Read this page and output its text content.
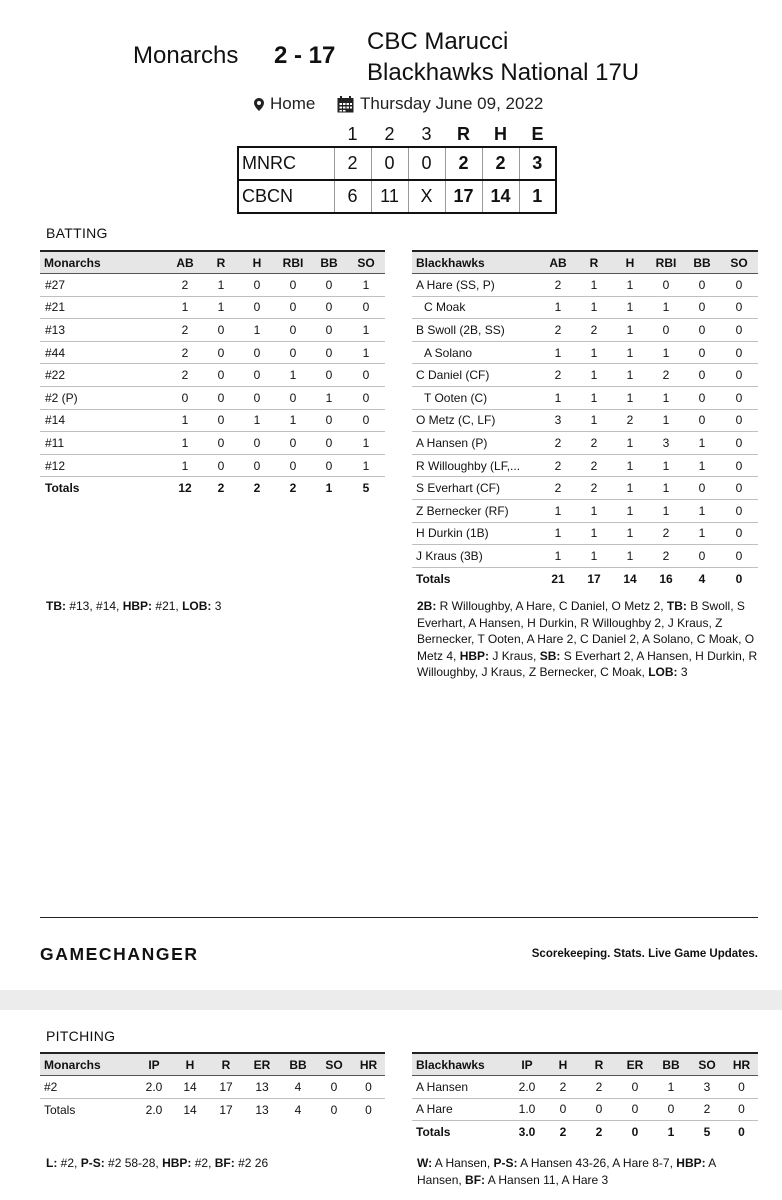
Monarchs 2 - 17
CBC Marucci
Blackhawks National 17U
Home	Thursday June 09, 2022
	1	2	3	R	H	E
MNRC	2	0	0	2	2	3
CBCN	6	11	X	17	14	1
BATTING
Monarchs	AB	R	H	RBI	BB	SO
#27	2	1	0	0	0	1
#21	1	1	0	0	0	0
#13	2	0	1	0	0	1
#44	2	0	0	0	0	1
#22	2	0	0	1	0	0
#2 (P)	0	0	0	0	1	0
#14	1	0	1	1	0	0
#11	1	0	0	0	0	1
#12	1	0	0	0	0	1
Totals	12	2	2	2	1	5
Blackhawks	AB	R	H	RBI	BB	SO
A Hare (SS, P)	2	1	1	0	0	0
C Moak	1	1	1	1	0	0
B Swoll (2B, SS)	2	2	1	0	0	0
A Solano	1	1	1	1	0	0
C Daniel (CF)	2	1	1	2	0	0
T Ooten (C)	1	1	1	1	0	0
O Metz (C, LF)	3	1	2	1	0	0
A Hansen (P)	2	2	1	3	1	0
R Willoughby (LF,...	2	2	1	1	1	0
S Everhart (CF)	2	2	1	1	0	0
Z Bernecker (RF)	1	1	1	1	1	0
H Durkin (1B)	1	1	1	2	1	0
J Kraus (3B)	1	1	1	2	0	0
Totals	21	17	14	16	4	0
TB: #13, #14, HBP: #21, LOB: 3	2B: R Willoughby, A Hare, C Daniel, O Metz 2, TB: B Swoll, S Everhart, A Hansen, H Durkin, R Willoughby 2, J Kraus, Z Bernecker, T Ooten, A Hare 2, C Daniel 2, A Solano, C Moak, O Metz 4, HBP: J Kraus, SB: S Everhart 2, A Hansen, H Durkin, R Willoughby, J Kraus, Z Bernecker, C Moak, LOB: 3
GAMECHANGER	Scorekeeping. Stats. Live Game Updates.
PITCHING
Monarchs	IP	H	R	ER	BB	SO	HR
#2	2.0	14	17	13	4	0	0
Totals	2.0	14	17	13	4	0	0
Blackhawks	IP	H	R	ER	BB	SO	HR
A Hansen	2.0	2	2	0	1	3	0
A Hare	1.0	0	0	0	0	2	0
Totals	3.0	2	2	0	1	5	0
L: #2, P-S: #2 58-28, HBP: #2, BF: #2 26	W: A Hansen, P-S: A Hansen 43-26, A Hare 8-7, HBP: A Hansen, BF: A Hansen 11, A Hare 3
